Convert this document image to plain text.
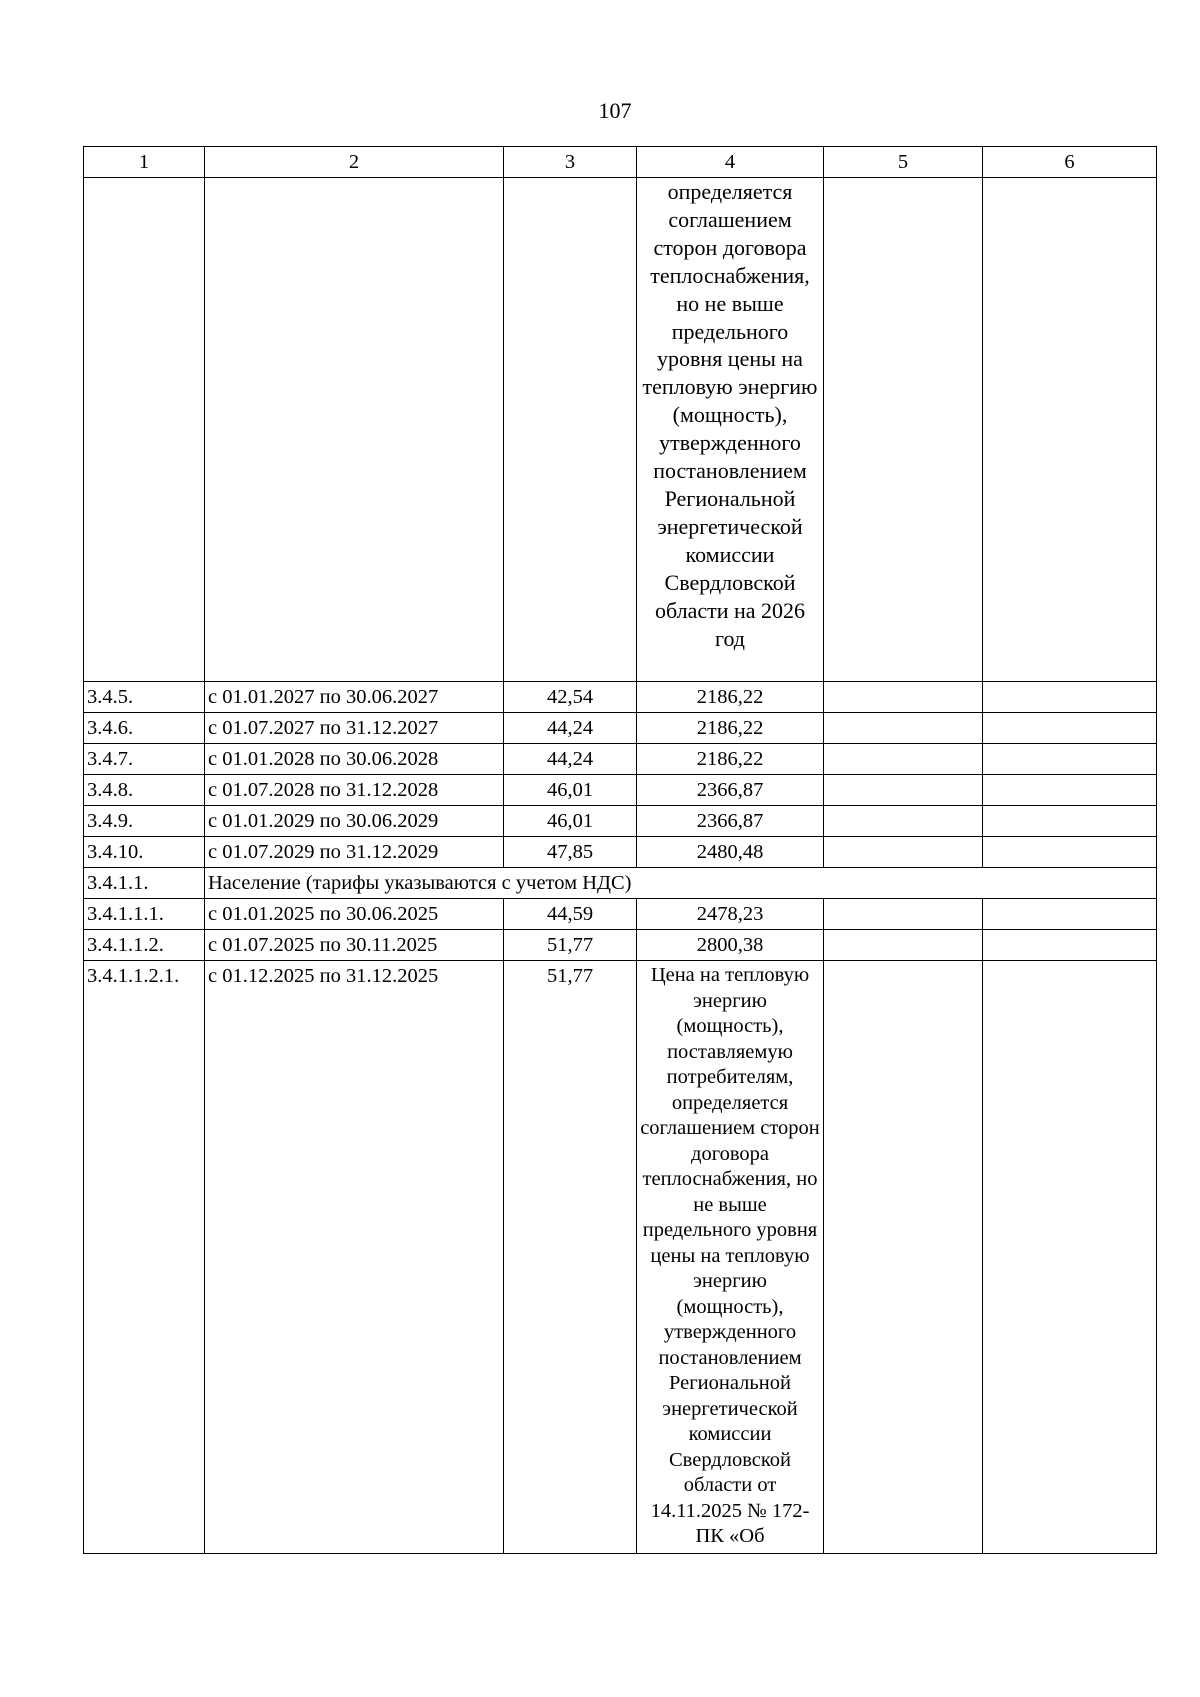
107
1	2	3	4	5	6
			определяется соглашением сторон договора теплоснабжения, но не выше предельного уровня цены на тепловую энергию (мощность), утвержденного постановлением Региональной энергетической комиссии Свердловской области на 2026 год		
3.4.5.	с 01.01.2027 по 30.06.2027	42,54	2186,22		
3.4.6.	с 01.07.2027 по 31.12.2027	44,24	2186,22		
3.4.7.	с 01.01.2028 по 30.06.2028	44,24	2186,22		
3.4.8.	с 01.07.2028 по 31.12.2028	46,01	2366,87		
3.4.9.	с 01.01.2029 по 30.06.2029	46,01	2366,87		
3.4.10.	с 01.07.2029 по 31.12.2029	47,85	2480,48		
3.4.1.1.	Население (тарифы указываются с учетом НДС)				
3.4.1.1.1.	с 01.01.2025 по 30.06.2025	44,59	2478,23		
3.4.1.1.2.	с 01.07.2025 по 30.11.2025	51,77	2800,38		
3.4.1.1.2.1.	с 01.12.2025 по 31.12.2025	51,77	Цена на тепловую энергию (мощность), поставляемую потребителям, определяется соглашением сторон договора теплоснабжения, но не выше предельного уровня цены на тепловую энергию (мощность), утвержденного постановлением Региональной энергетической комиссии Свердловской области от 14.11.2025 № 172-ПК «Об		
